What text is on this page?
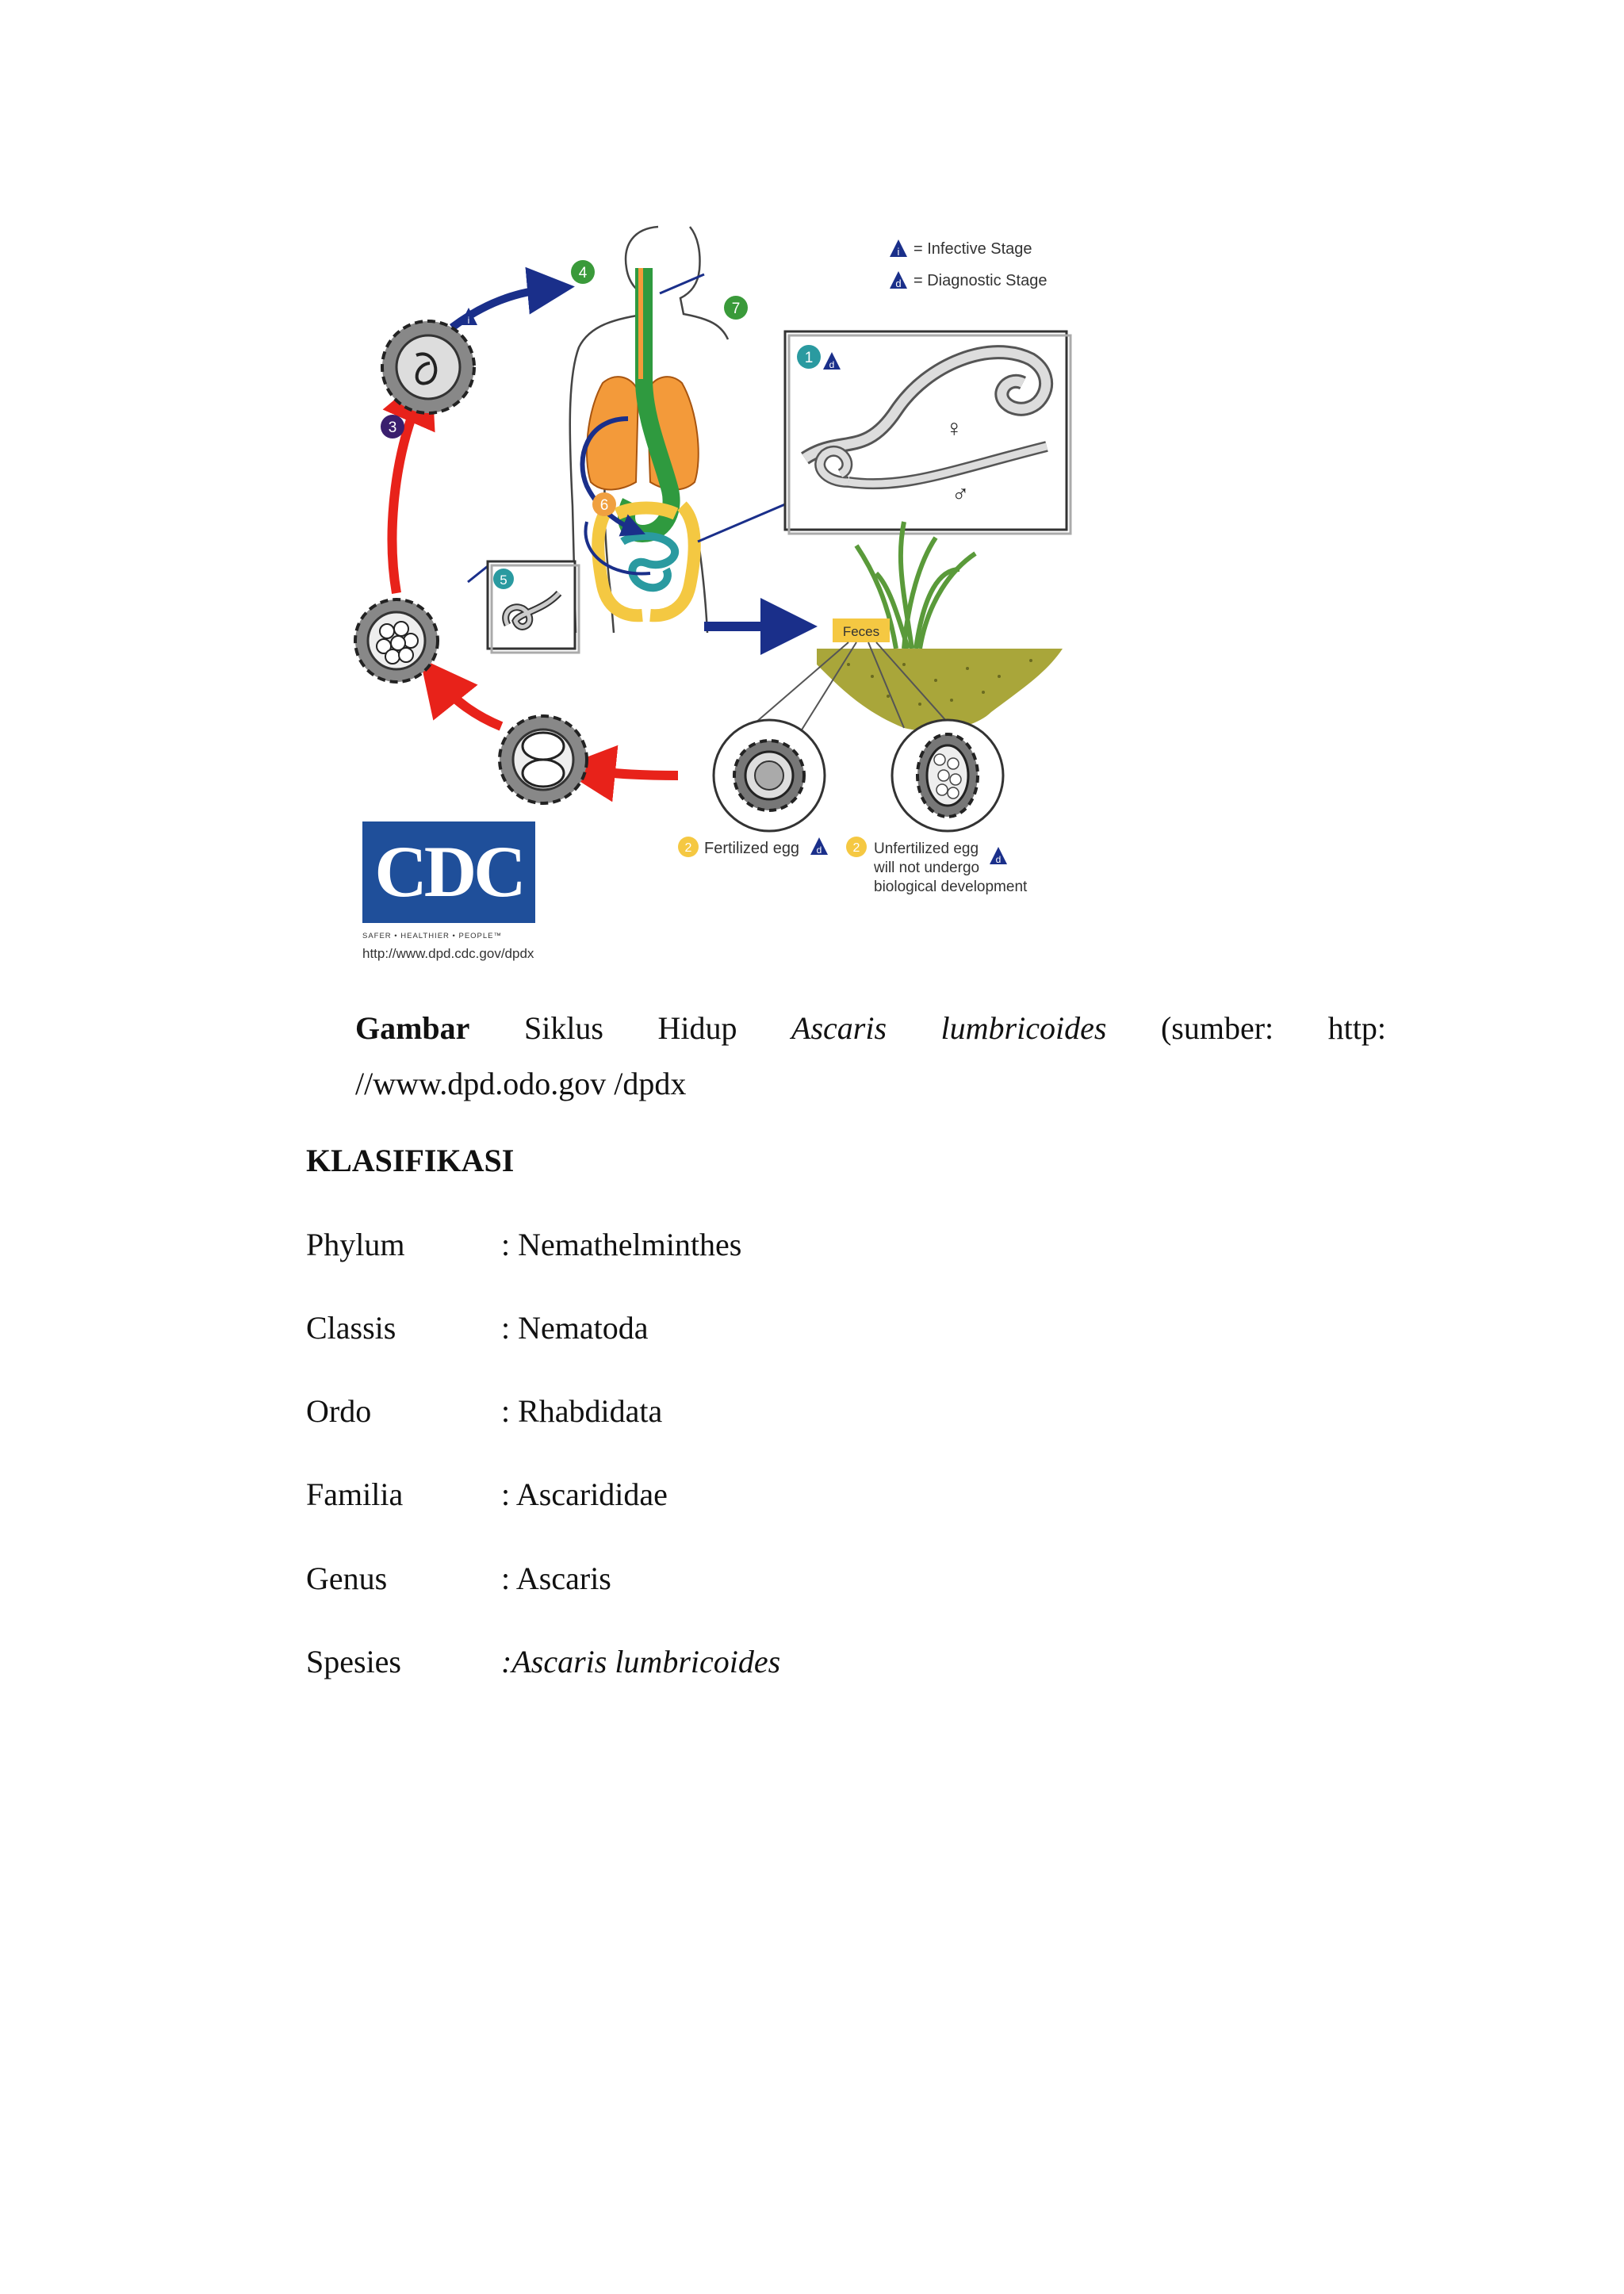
i = Infective Stage
d = Diagnostic Stage
♀
♂
1 d
3
4
7
6
i
5
Feces
2 Fertilized egg d 2 Unfertilized egg
will not undergo
biological development
d
CDC
SAFER • HEALTHIER • PEOPLE™
http://www.dpd.cdc.gov/dpdx
Gambar Siklus Hidup Ascaris lumbricoides (sumber: http:
//www.dpd.odo.gov /dpdx
KLASIFIKASI
Phylum	: Nemathelminthes
Classis	: Nematoda
Ordo	: Rhabdidata
Familia	: Ascarididae
Genus	: Ascaris
Spesies	:Ascaris lumbricoides
